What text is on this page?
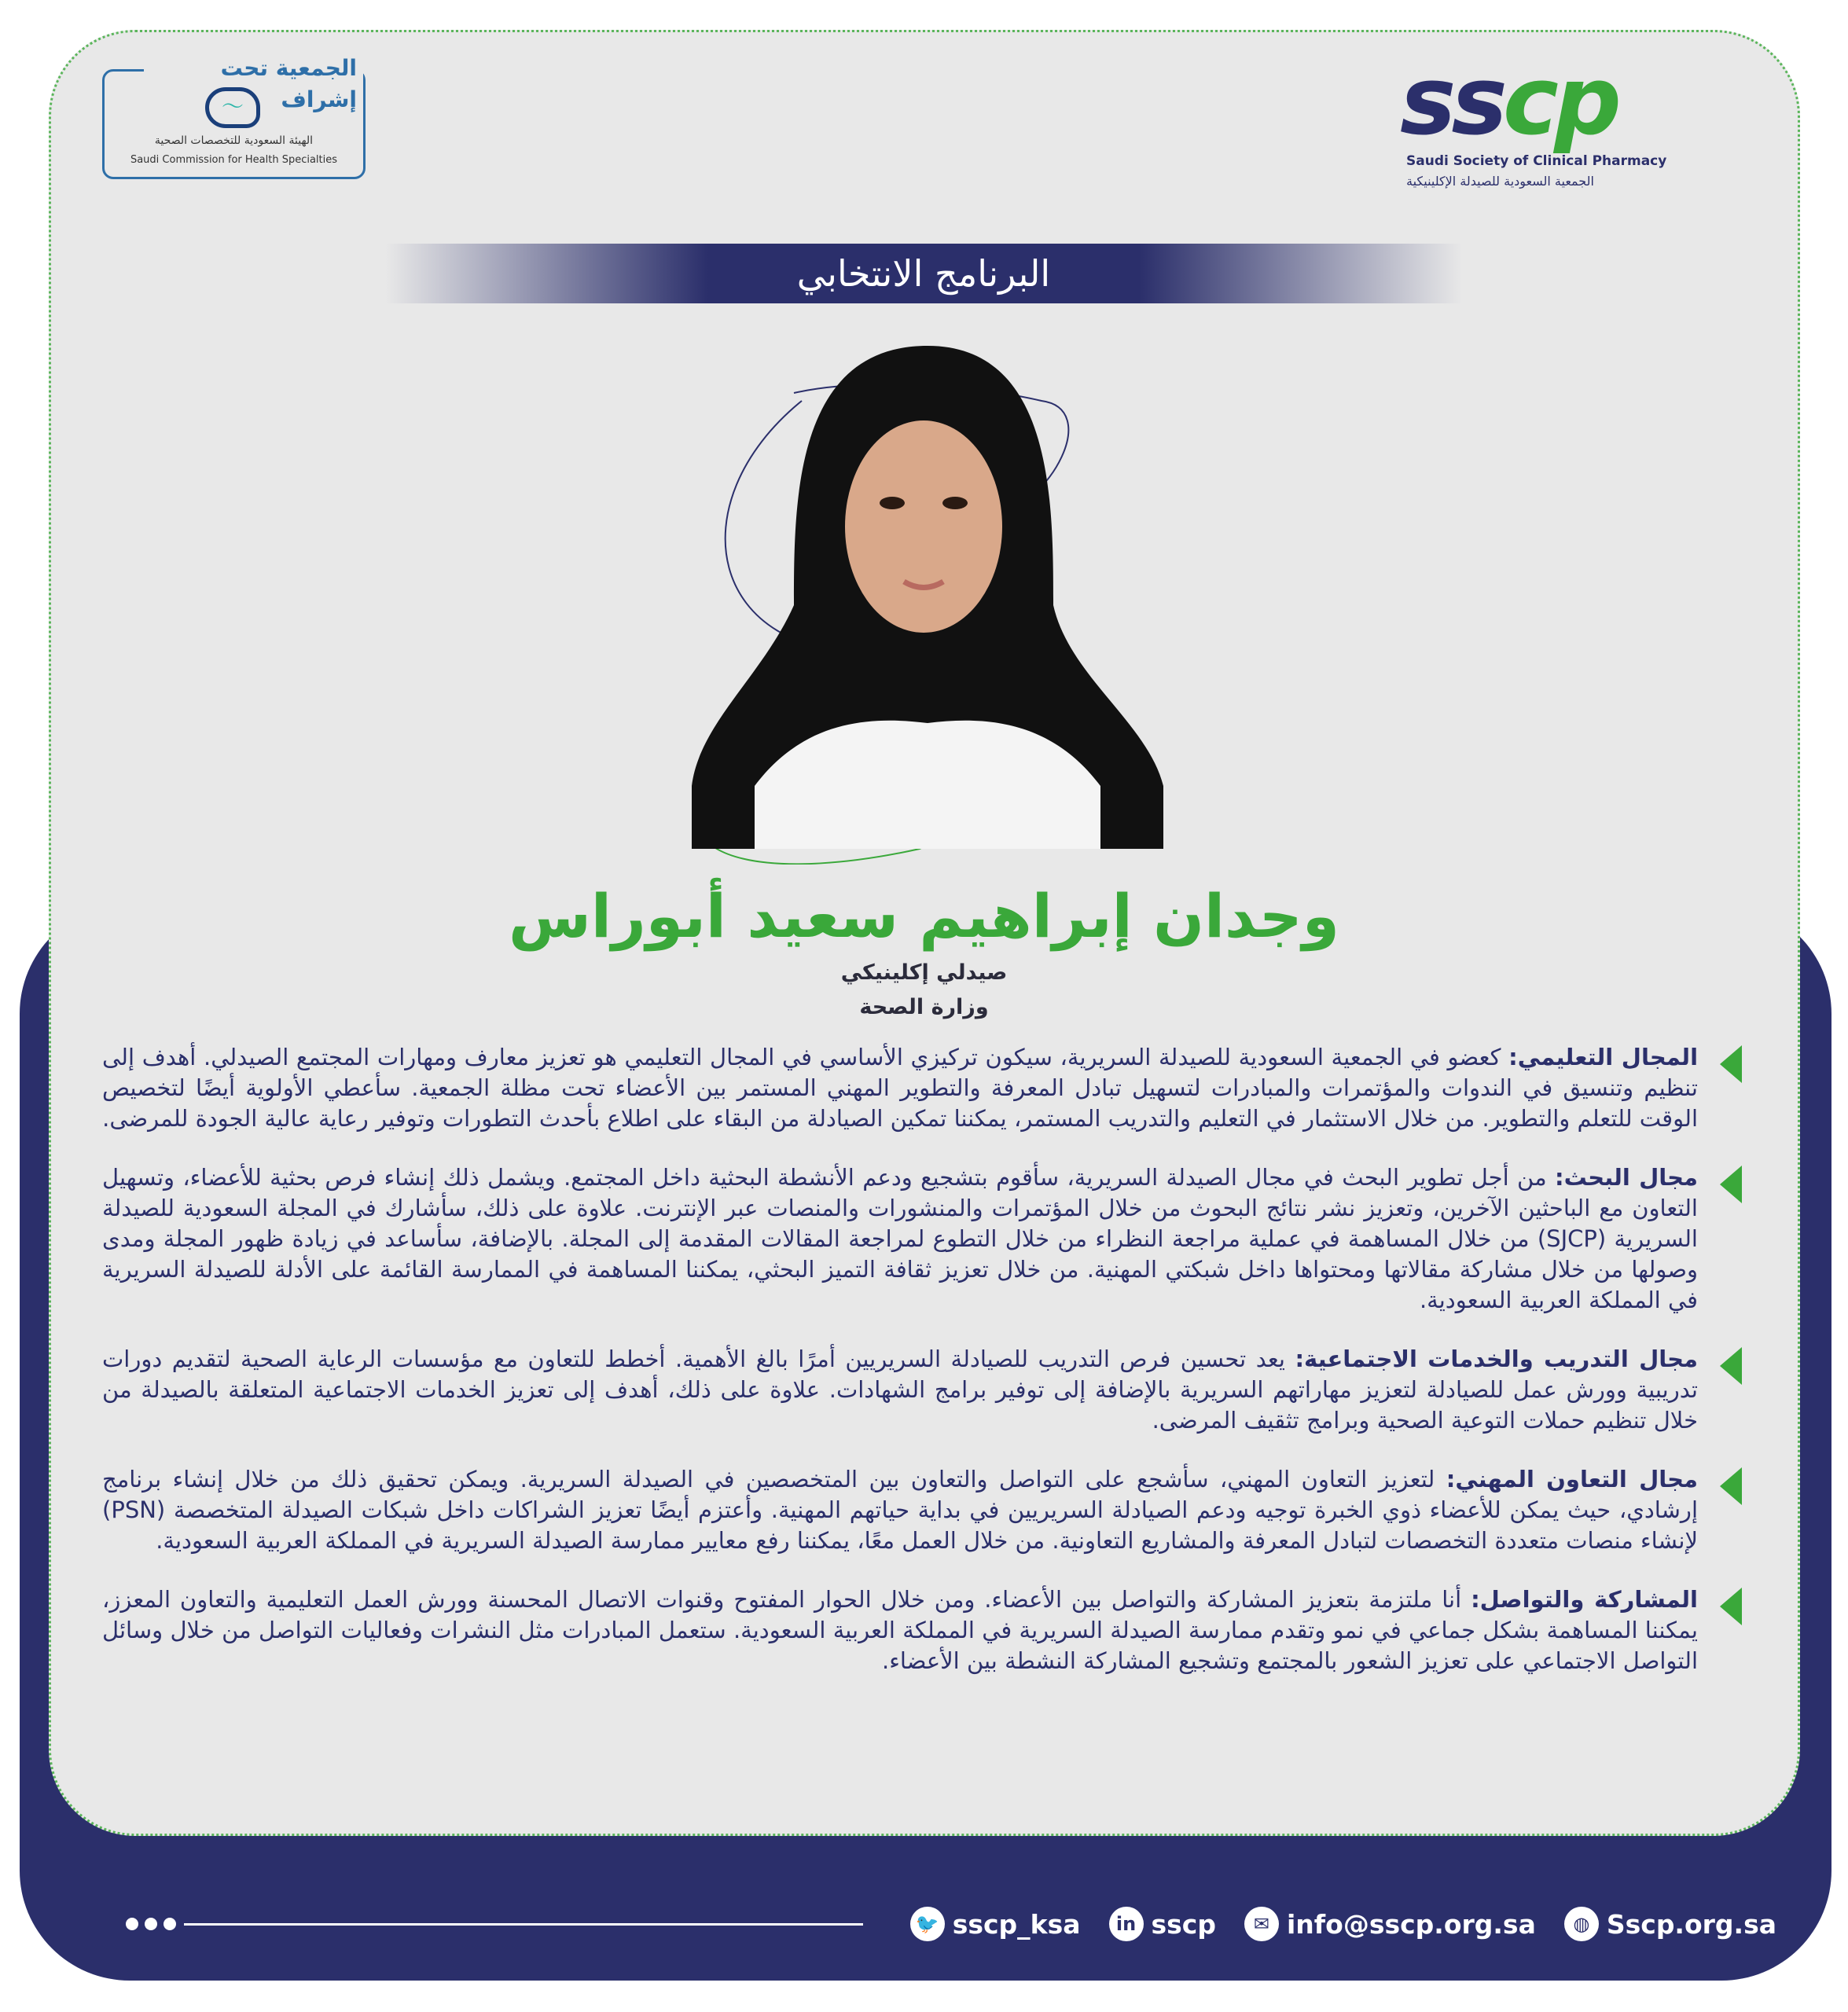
الجمعية تحت إشراف
〜
الهيئة السعودية للتخصصات الصحية
Saudi Commission for Health Specialties
sscp
Saudi Society of Clinical Pharmacy
الجمعية السعودية للصيدلة الإكلينيكية
البرنامج الانتخابي
وجدان إبراهيم سعيد أبوراس
صيدلي إكلينيكي
وزارة الصحة
المجال التعليمي: كعضو في الجمعية السعودية للصيدلة السريرية، سيكون تركيزي الأساسي في المجال التعليمي هو تعزيز معارف ومهارات المجتمع الصيدلي. أهدف إلى تنظيم وتنسيق في الندوات والمؤتمرات والمبادرات لتسهيل تبادل المعرفة والتطوير المهني المستمر بين الأعضاء تحت مظلة الجمعية. سأعطي الأولوية أيضًا لتخصيص الوقت للتعلم والتطوير. من خلال الاستثمار في التعليم والتدريب المستمر، يمكننا تمكين الصيادلة من البقاء على اطلاع بأحدث التطورات وتوفير رعاية عالية الجودة للمرضى.
مجال البحث: من أجل تطوير البحث في مجال الصيدلة السريرية، سأقوم بتشجيع ودعم الأنشطة البحثية داخل المجتمع. ويشمل ذلك إنشاء فرص بحثية للأعضاء، وتسهيل التعاون مع الباحثين الآخرين، وتعزيز نشر نتائج البحوث من خلال المؤتمرات والمنشورات والمنصات عبر الإنترنت. علاوة على ذلك، سأشارك في المجلة السعودية للصيدلة السريرية (SJCP) من خلال المساهمة في عملية مراجعة النظراء من خلال التطوع لمراجعة المقالات المقدمة إلى المجلة. بالإضافة، سأساعد في زيادة ظهور المجلة ومدى وصولها من خلال مشاركة مقالاتها ومحتواها داخل شبكتي المهنية. من خلال تعزيز ثقافة التميز البحثي، يمكننا المساهمة في الممارسة القائمة على الأدلة للصيدلة السريرية في المملكة العربية السعودية.
مجال التدريب والخدمات الاجتماعية: يعد تحسين فرص التدريب للصيادلة السريريين أمرًا بالغ الأهمية. أخطط للتعاون مع مؤسسات الرعاية الصحية لتقديم دورات تدريبية وورش عمل للصيادلة لتعزيز مهاراتهم السريرية بالإضافة إلى توفير برامج الشهادات. علاوة على ذلك، أهدف إلى تعزيز الخدمات الاجتماعية المتعلقة بالصيدلة من خلال تنظيم حملات التوعية الصحية وبرامج تثقيف المرضى.
مجال التعاون المهني: لتعزيز التعاون المهني، سأشجع على التواصل والتعاون بين المتخصصين في الصيدلة السريرية. ويمكن تحقيق ذلك من خلال إنشاء برنامج إرشادي، حيث يمكن للأعضاء ذوي الخبرة توجيه ودعم الصيادلة السريريين في بداية حياتهم المهنية. وأعتزم أيضًا تعزيز الشراكات داخل شبكات الصيدلة المتخصصة (PSN) لإنشاء منصات متعددة التخصصات لتبادل المعرفة والمشاريع التعاونية. من خلال العمل معًا، يمكننا رفع معايير ممارسة الصيدلة السريرية في المملكة العربية السعودية.
المشاركة والتواصل: أنا ملتزمة بتعزيز المشاركة والتواصل بين الأعضاء. ومن خلال الحوار المفتوح وقنوات الاتصال المحسنة وورش العمل التعليمية والتعاون المعزز، يمكننا المساهمة بشكل جماعي في نمو وتقدم ممارسة الصيدلة السريرية في المملكة العربية السعودية. ستعمل المبادرات مثل النشرات وفعاليات التواصل من خلال وسائل التواصل الاجتماعي على تعزيز الشعور بالمجتمع وتشجيع المشاركة النشطة بين الأعضاء.
🐦 sscp_ksa	in sscp	✉ info@sscp.org.sa	◍ Sscp.org.sa
